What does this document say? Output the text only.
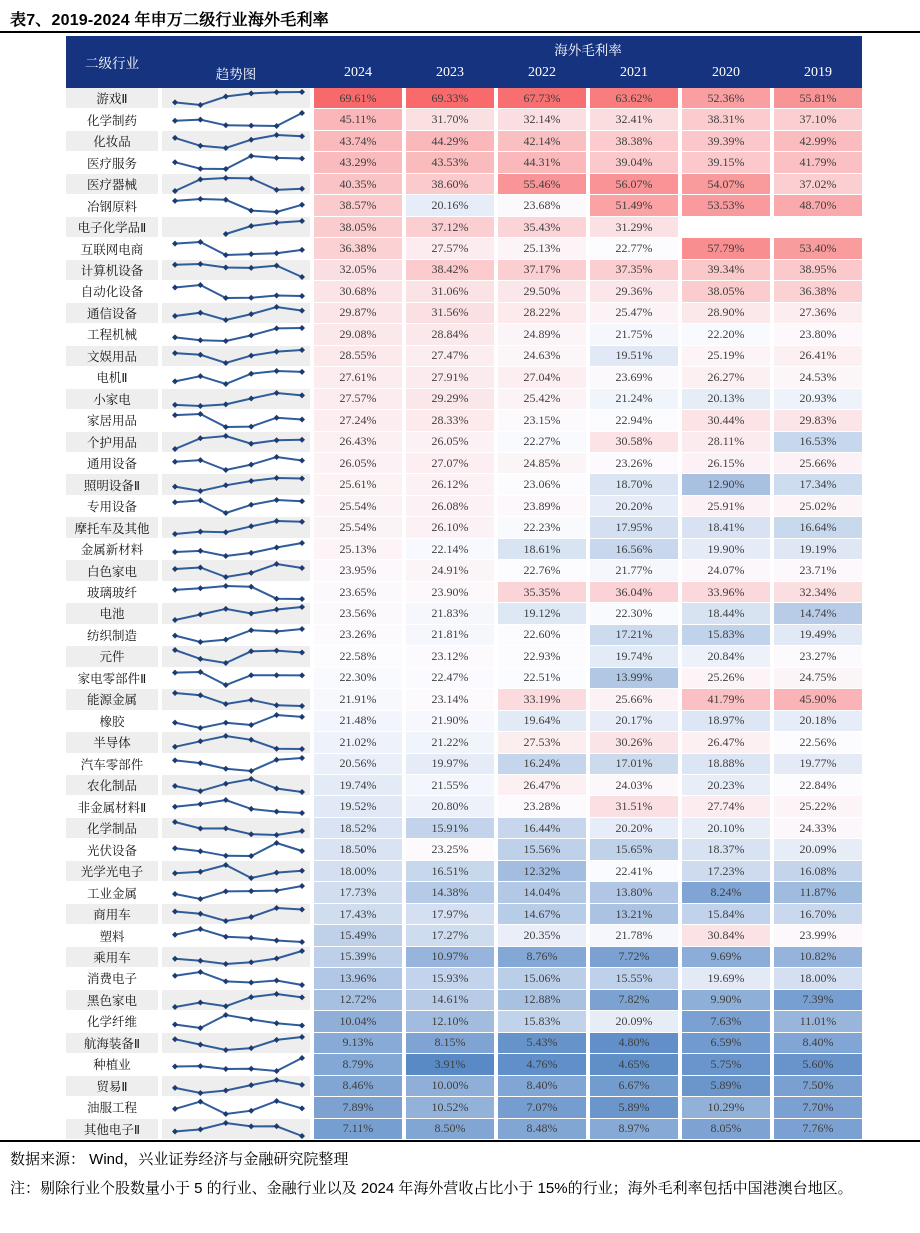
表7、2019-2024 年申万二级行业海外毛利率
二级行业
趋势图
海外毛利率
2024	2023	2022	2021	2020	2019
游戏Ⅱ	69.61%	69.33%	67.73%	63.62%	52.36%	55.81%
化学制药	45.11%	31.70%	32.14%	32.41%	38.31%	37.10%
化妆品	43.74%	44.29%	42.14%	38.38%	39.39%	42.99%
医疗服务	43.29%	43.53%	44.31%	39.04%	39.15%	41.79%
医疗器械	40.35%	38.60%	55.46%	56.07%	54.07%	37.02%
冶钢原料	38.57%	20.16%	23.68%	51.49%	53.53%	48.70%
电子化学品Ⅱ	38.05%	37.12%	35.43%	31.29%
互联网电商	36.38%	27.57%	25.13%	22.77%	57.79%	53.40%
计算机设备	32.05%	38.42%	37.17%	37.35%	39.34%	38.95%
自动化设备	30.68%	31.06%	29.50%	29.36%	38.05%	36.38%
通信设备	29.87%	31.56%	28.22%	25.47%	28.90%	27.36%
工程机械	29.08%	28.84%	24.89%	21.75%	22.20%	23.80%
文娱用品	28.55%	27.47%	24.63%	19.51%	25.19%	26.41%
电机Ⅱ	27.61%	27.91%	27.04%	23.69%	26.27%	24.53%
小家电	27.57%	29.29%	25.42%	21.24%	20.13%	20.93%
家居用品	27.24%	28.33%	23.15%	22.94%	30.44%	29.83%
个护用品	26.43%	26.05%	22.27%	30.58%	28.11%	16.53%
通用设备	26.05%	27.07%	24.85%	23.26%	26.15%	25.66%
照明设备Ⅱ	25.61%	26.12%	23.06%	18.70%	12.90%	17.34%
专用设备	25.54%	26.08%	23.89%	20.20%	25.91%	25.02%
摩托车及其他	25.54%	26.10%	22.23%	17.95%	18.41%	16.64%
金属新材料	25.13%	22.14%	18.61%	16.56%	19.90%	19.19%
白色家电	23.95%	24.91%	22.76%	21.77%	24.07%	23.71%
玻璃玻纤	23.65%	23.90%	35.35%	36.04%	33.96%	32.34%
电池	23.56%	21.83%	19.12%	22.30%	18.44%	14.74%
纺织制造	23.26%	21.81%	22.60%	17.21%	15.83%	19.49%
元件	22.58%	23.12%	22.93%	19.74%	20.84%	23.27%
家电零部件Ⅱ	22.30%	22.47%	22.51%	13.99%	25.26%	24.75%
能源金属	21.91%	23.14%	33.19%	25.66%	41.79%	45.90%
橡胶	21.48%	21.90%	19.64%	20.17%	18.97%	20.18%
半导体	21.02%	21.22%	27.53%	30.26%	26.47%	22.56%
汽车零部件	20.56%	19.97%	16.24%	17.01%	18.88%	19.77%
农化制品	19.74%	21.55%	26.47%	24.03%	20.23%	22.84%
非金属材料Ⅱ	19.52%	20.80%	23.28%	31.51%	27.74%	25.22%
化学制品	18.52%	15.91%	16.44%	20.20%	20.10%	24.33%
光伏设备	18.50%	23.25%	15.56%	15.65%	18.37%	20.09%
光学光电子	18.00%	16.51%	12.32%	22.41%	17.23%	16.08%
工业金属	17.73%	14.38%	14.04%	13.80%	8.24%	11.87%
商用车	17.43%	17.97%	14.67%	13.21%	15.84%	16.70%
塑料	15.49%	17.27%	20.35%	21.78%	30.84%	23.99%
乘用车	15.39%	10.97%	8.76%	7.72%	9.69%	10.82%
消费电子	13.96%	15.93%	15.06%	15.55%	19.69%	18.00%
黑色家电	12.72%	14.61%	12.88%	7.82%	9.90%	7.39%
化学纤维	10.04%	12.10%	15.83%	20.09%	7.63%	11.01%
航海装备Ⅱ	9.13%	8.15%	5.43%	4.80%	6.59%	8.40%
种植业	8.79%	3.91%	4.76%	4.65%	5.75%	5.60%
贸易Ⅱ	8.46%	10.00%	8.40%	6.67%	5.89%	7.50%
油服工程	7.89%	10.52%	7.07%	5.89%	10.29%	7.70%
其他电子Ⅱ	7.11%	8.50%	8.48%	8.97%	8.05%	7.76%
数据来源： Wind，兴业证券经济与金融研究院整理
注：剔除行业个股数量小于 5 的行业、金融行业以及 2024 年海外营收占比小于 15%的行业；海外毛利率包括中国港澳台地区。
